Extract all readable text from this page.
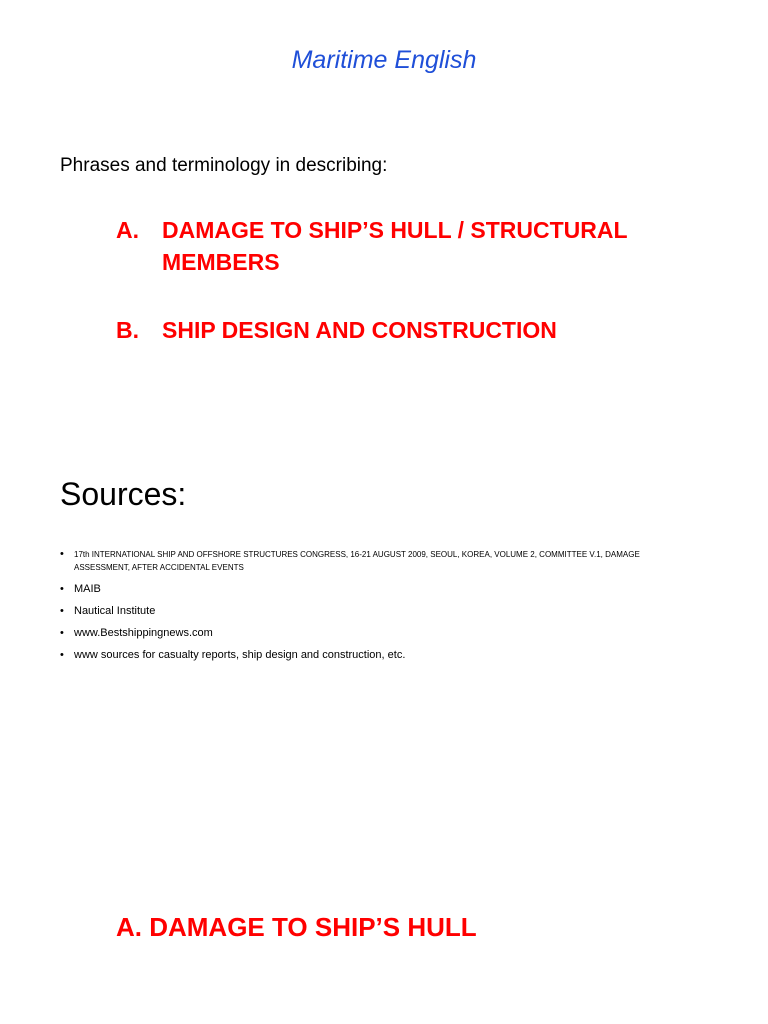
Maritime English
Phrases and terminology in describing:
A.	DAMAGE TO SHIP’S HULL / STRUCTURAL MEMBERS
B.	SHIP DESIGN AND CONSTRUCTION
Sources:
•	17th INTERNATIONAL SHIP AND OFFSHORE STRUCTURES CONGRESS, 16-21 AUGUST 2009, SEOUL, KOREA, VOLUME 2, COMMITTEE V.1, DAMAGE ASSESSMENT, AFTER ACCIDENTAL EVENTS
• MAIB
• Nautical Institute
• www.Bestshippingnews.com
• www sources for casualty reports, ship design and construction, etc.
A. DAMAGE TO SHIP’S HULL
